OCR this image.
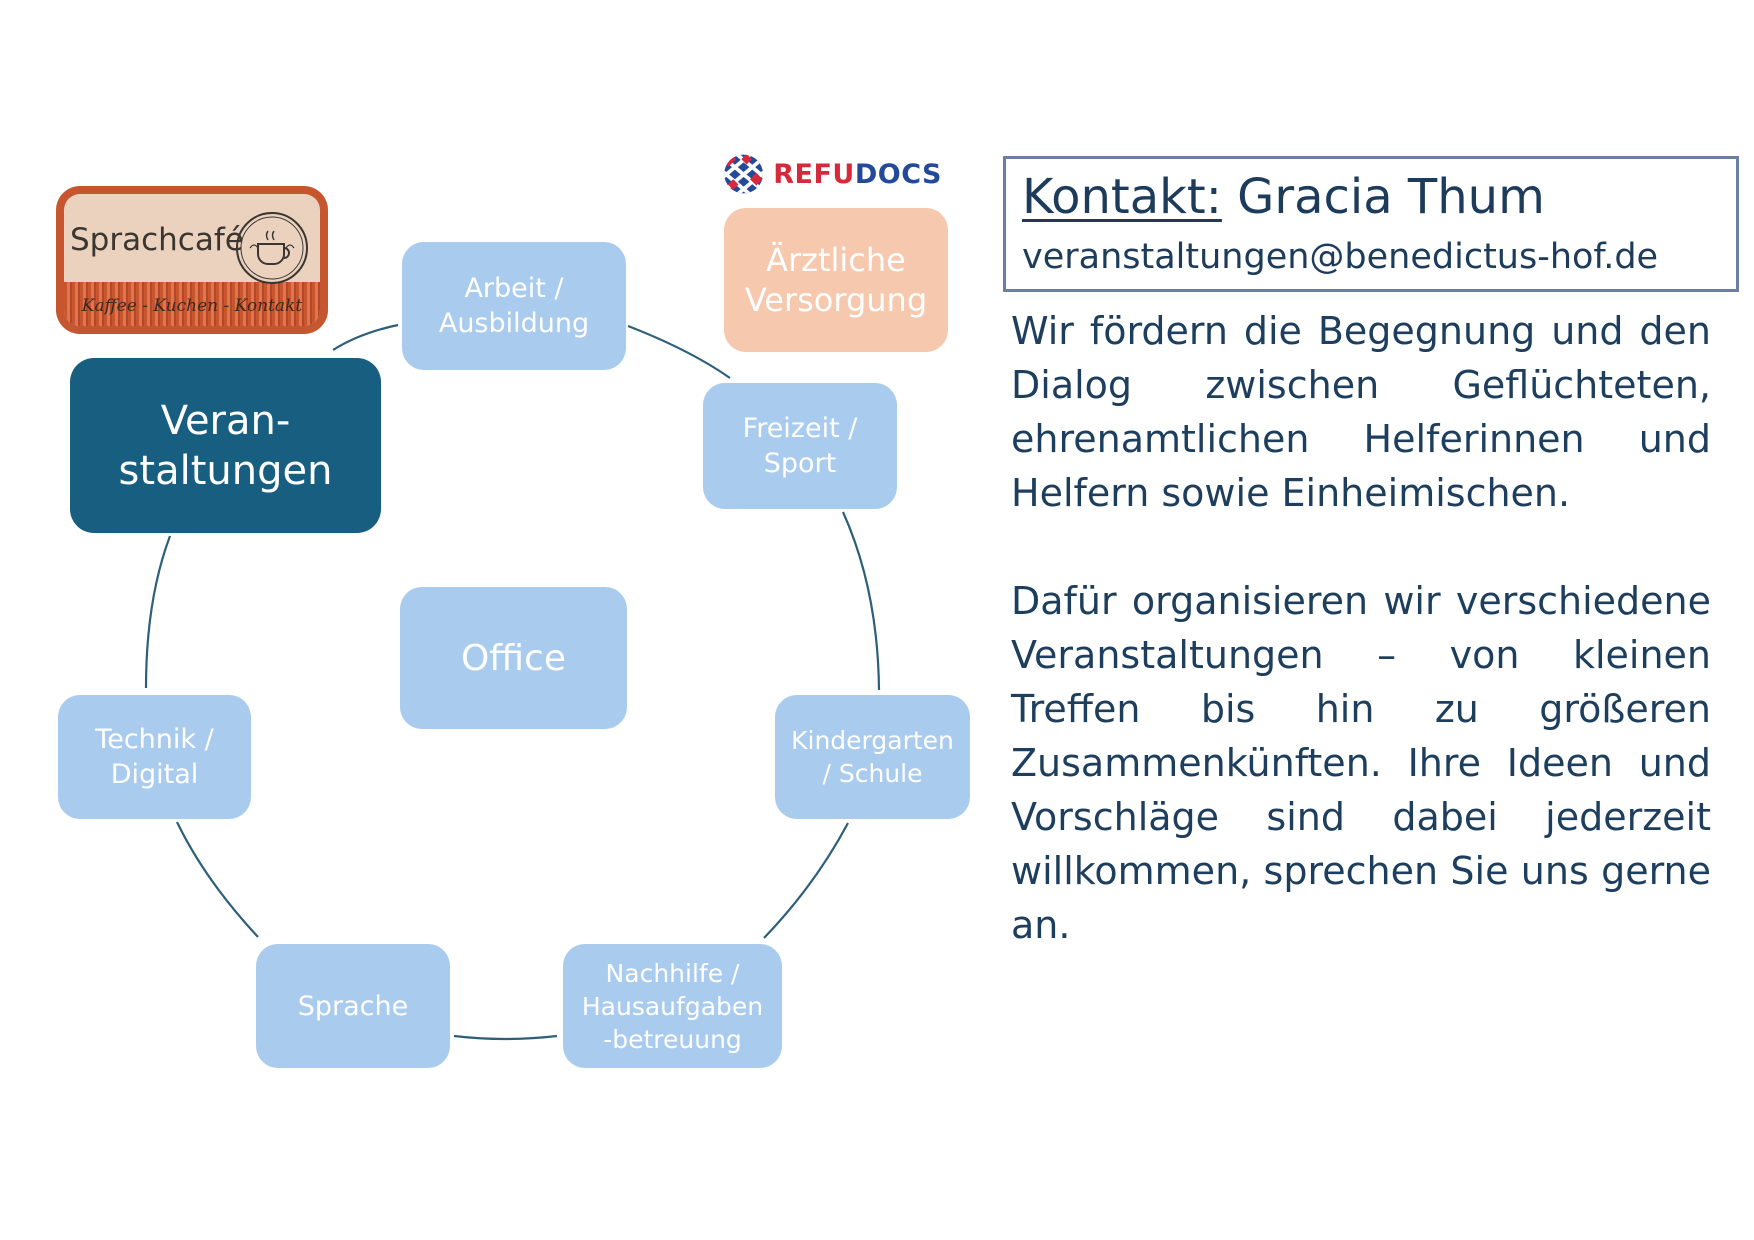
Sprachcafé
Kaffee - Kuchen - Kontakt
REFU DOCS
Ärztliche
Versorgung
Arbeit /
Ausbildung
Freizeit /
Sport
Kindergarten
/ Schule
Nachhilfe /
Hausaufgaben
-betreuung
Sprache
Technik /
Digital
Veran-
staltungen
Office
Kontakt: Gracia Thum
veranstaltungen@benedictus-hof.de
Wir fördern die Begegnung und den Dialog zwischen Geflüchteten, ehrenamtlichen Helferinnen und Helfern sowie Einheimischen.
Dafür organisieren wir verschiedene Veranstaltungen – von kleinen Treffen bis hin zu größeren Zusammenkünften. Ihre Ideen und Vorschläge sind dabei jederzeit willkommen, sprechen Sie uns gerne an.
